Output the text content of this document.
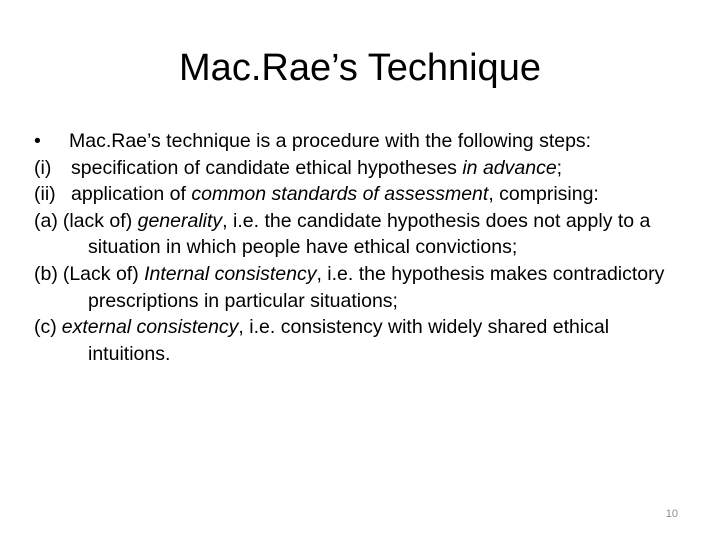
Mac.Rae’s Technique
• Mac.Rae’s technique is a procedure with the following steps:
(i) specification of candidate ethical hypotheses in advance;
(ii) application of common standards of assessment, comprising:
(a) (lack of) generality, i.e. the candidate hypothesis does not apply to a situation in which people have ethical convictions;
(b) (Lack of) Internal consistency, i.e. the hypothesis makes contradictory prescriptions in particular situations;
(c) external consistency, i.e. consistency with widely shared ethical intuitions.
10
